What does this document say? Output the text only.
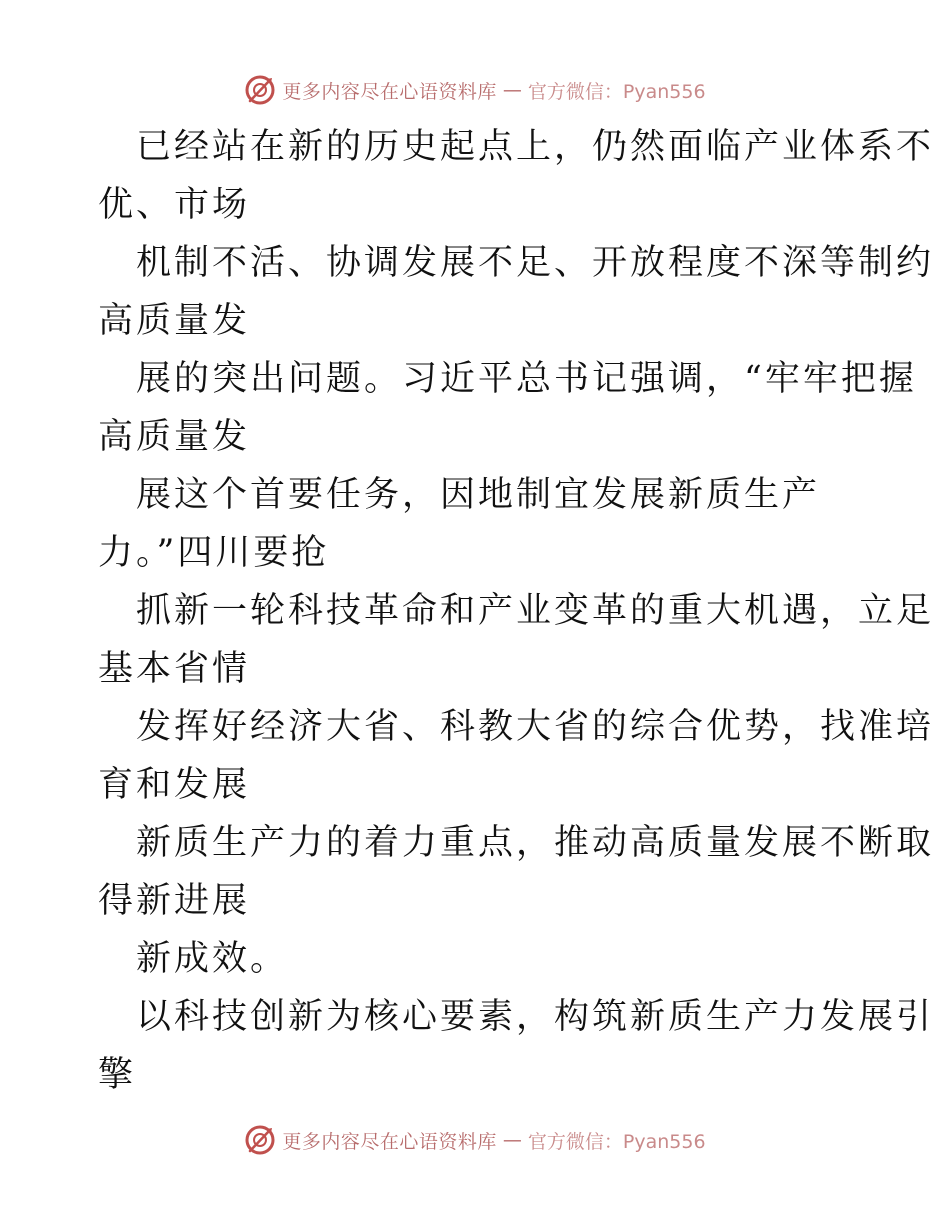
更多内容尽在心语资料库 — 官方微信：Pyan556
已经站在新的历史起点上，仍然面临产业体系不
优、市场
机制不活、协调发展不足、开放程度不深等制约
高质量发
展的突出问题。习近平总书记强调，“牢牢把握
高质量发
展这个首要任务，因地制宜发展新质生产
力。”四川要抢
抓新一轮科技革命和产业变革的重大机遇，立足
基本省情
发挥好经济大省、科教大省的综合优势，找准培
育和发展
新质生产力的着力重点，推动高质量发展不断取
得新进展
新成效。
以科技创新为核心要素，构筑新质生产力发展引
擎
更多内容尽在心语资料库 — 官方微信：Pyan556
